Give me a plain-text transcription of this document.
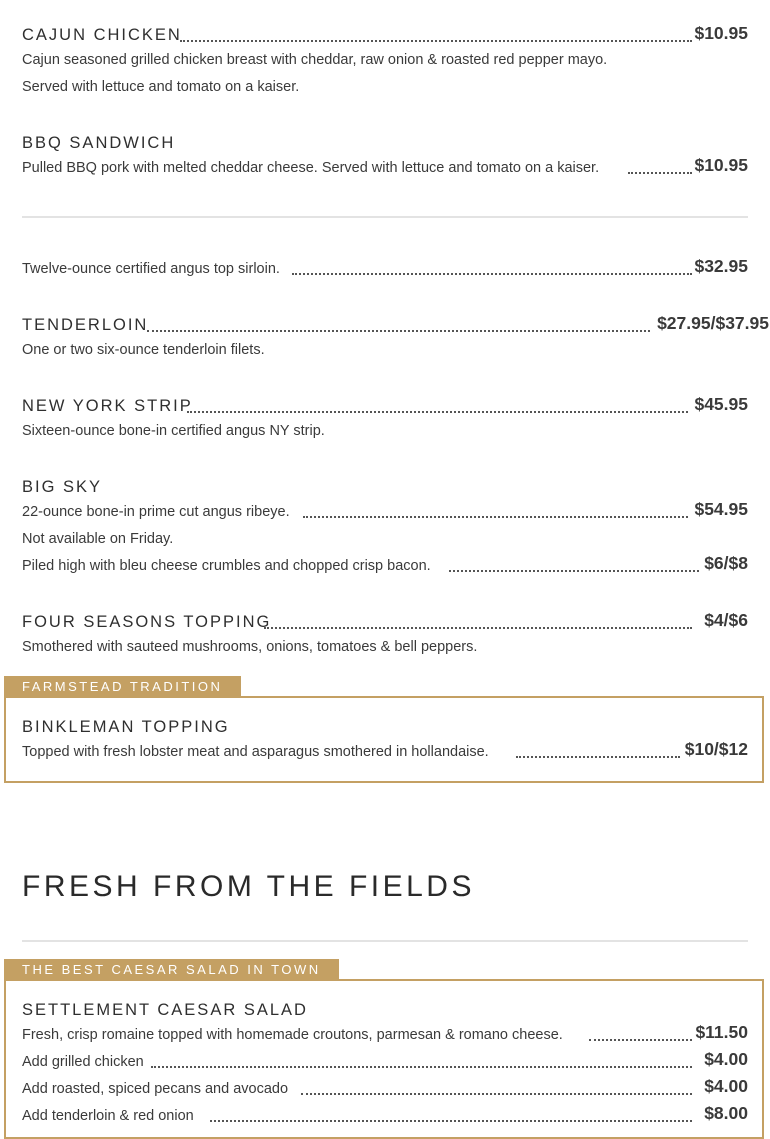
CAJUN CHICKEN	$10.95
Cajun seasoned grilled chicken breast with cheddar, raw onion & roasted red pepper mayo.
Served with lettuce and tomato on a kaiser.
BBQ SANDWICH
Pulled BBQ pork with melted cheddar cheese. Served with lettuce and tomato on a kaiser.	$10.95
Twelve-ounce certified angus top sirloin.	$32.95
TENDERLOIN	$27.95/$37.95
One or two six-ounce tenderloin filets.
NEW YORK STRIP	$45.95
Sixteen-ounce bone-in certified angus NY strip.
BIG SKY
22-ounce bone-in prime cut angus ribeye.	$54.95
Not available on Friday.
Piled high with bleu cheese crumbles and chopped crisp bacon.	$6/$8
FOUR SEASONS TOPPING	$4/$6
Smothered with sauteed mushrooms, onions, tomatoes & bell peppers.
FARMSTEAD TRADITION
BINKLEMAN TOPPING
Topped with fresh lobster meat and asparagus smothered in hollandaise.	$10/$12
FRESH FROM THE FIELDS
THE BEST CAESAR SALAD IN TOWN
SETTLEMENT CAESAR SALAD
Fresh, crisp romaine topped with homemade croutons, parmesan & romano cheese.	$11.50
Add grilled chicken	$4.00
Add roasted, spiced pecans and avocado	$4.00
Add tenderloin & red onion	$8.00
